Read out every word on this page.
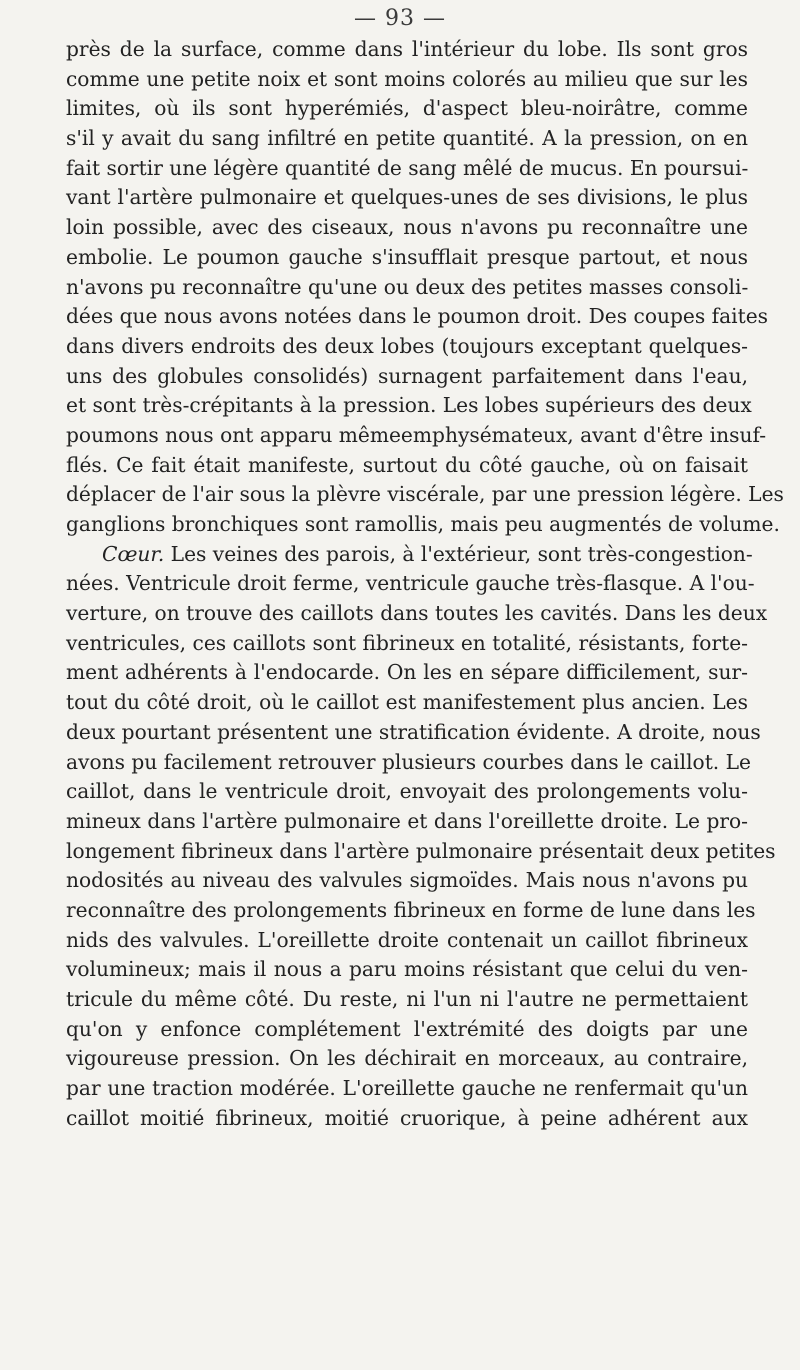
— 93 —
près de la surface, comme dans l'intérieur du lobe. Ils sont gros
comme une petite noix et sont moins colorés au milieu que sur les
limites, où ils sont hyperémiés, d'aspect bleu-noirâtre, comme
s'il y avait du sang infiltré en petite quantité. A la pression, on en
fait sortir une légère quantité de sang mêlé de mucus. En poursui-
vant l'artère pulmonaire et quelques-unes de ses divisions, le plus
loin possible, avec des ciseaux, nous n'avons pu reconnaître une
embolie. Le poumon gauche s'insufflait presque partout, et nous
n'avons pu reconnaître qu'une ou deux des petites masses consoli-
dées que nous avons notées dans le poumon droit. Des coupes faites
dans divers endroits des deux lobes (toujours exceptant quelques-
uns des globules consolidés) surnagent parfaitement dans l'eau,
et sont très-crépitants à la pression. Les lobes supérieurs des deux
poumons nous ont apparu mêmeemphysémateux, avant d'être insuf-
flés. Ce fait était manifeste, surtout du côté gauche, où on faisait
déplacer de l'air sous la plèvre viscérale, par une pression légère. Les
ganglions bronchiques sont ramollis, mais peu augmentés de volume.
Cœur. Les veines des parois, à l'extérieur, sont très-congestion-
nées. Ventricule droit ferme, ventricule gauche très-flasque. A l'ou-
verture, on trouve des caillots dans toutes les cavités. Dans les deux
ventricules, ces caillots sont fibrineux en totalité, résistants, forte-
ment adhérents à l'endocarde. On les en sépare difficilement, sur-
tout du côté droit, où le caillot est manifestement plus ancien. Les
deux pourtant présentent une stratification évidente. A droite, nous
avons pu facilement retrouver plusieurs courbes dans le caillot. Le
caillot, dans le ventricule droit, envoyait des prolongements volu-
mineux dans l'artère pulmonaire et dans l'oreillette droite. Le pro-
longement fibrineux dans l'artère pulmonaire présentait deux petites
nodosités au niveau des valvules sigmoïdes. Mais nous n'avons pu
reconnaître des prolongements fibrineux en forme de lune dans les
nids des valvules. L'oreillette droite contenait un caillot fibrineux
volumineux; mais il nous a paru moins résistant que celui du ven-
tricule du même côté. Du reste, ni l'un ni l'autre ne permettaient
qu'on y enfonce complétement l'extrémité des doigts par une
vigoureuse pression. On les déchirait en morceaux, au contraire,
par une traction modérée. L'oreillette gauche ne renfermait qu'un
caillot moitié fibrineux, moitié cruorique, à peine adhérent aux
